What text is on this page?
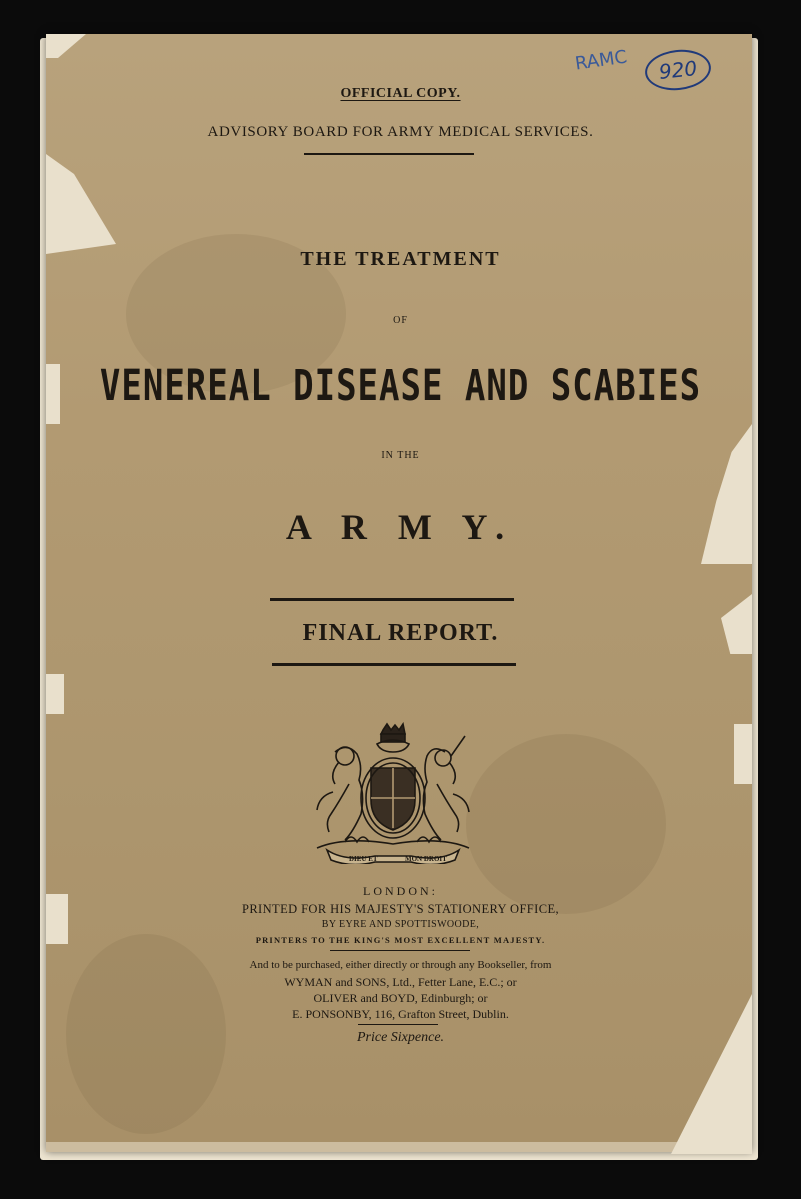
RAMC 920
OFFICIAL COPY.
ADVISORY BOARD FOR ARMY MEDICAL SERVICES.
THE TREATMENT
OF
VENEREAL DISEASE AND SCABIES
IN THE
A R M Y.
FINAL REPORT.
DIEU ET	MON DROIT
LONDON:
PRINTED FOR HIS MAJESTY'S STATIONERY OFFICE,
BY EYRE AND SPOTTISWOODE,
PRINTERS TO THE KING'S MOST EXCELLENT MAJESTY.
And to be purchased, either directly or through any Bookseller, from
WYMAN and SONS, Ltd., Fetter Lane, E.C.; or
OLIVER and BOYD, Edinburgh; or
E. PONSONBY, 116, Grafton Street, Dublin.
Price Sixpence.
